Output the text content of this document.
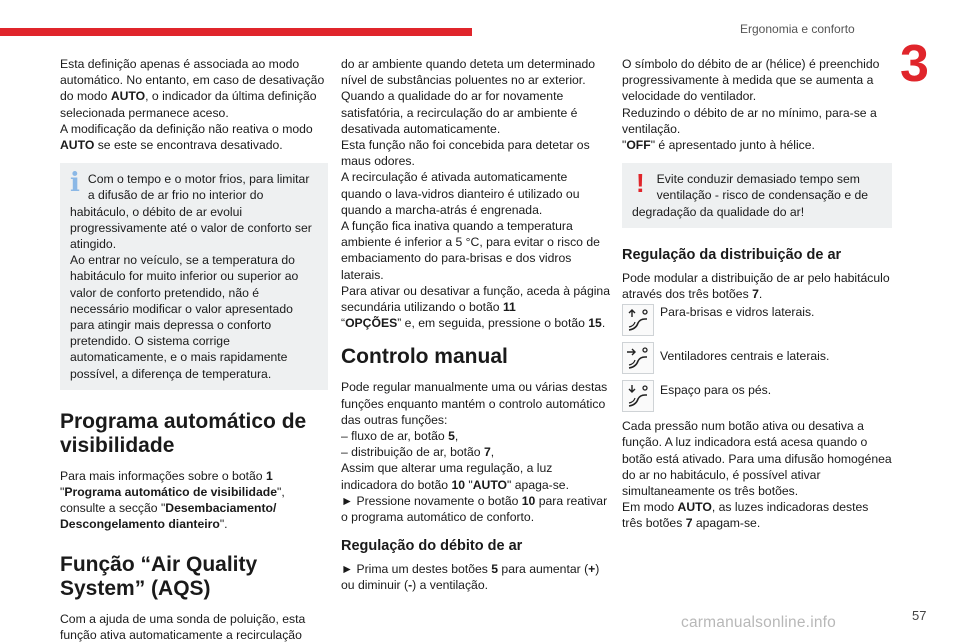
Ergonomia e conforto
3

Esta definição apenas é associada ao modo automático. No entanto, em caso de desativação do modo AUTO, o indicador da última definição selecionada permanece aceso.

A modificação da definição não reativa o modo AUTO se este se encontrava desativado.

i Com o tempo e o motor frios, para limitar a difusão de ar frio no interior do habitáculo, o débito de ar evolui progressivamente até o valor de conforto ser atingido.

Ao entrar no veículo, se a temperatura do habitáculo for muito inferior ou superior ao valor de conforto pretendido, não é necessário modificar o valor apresentado para atingir mais depressa o conforto pretendido. O sistema corrige automaticamente, e o mais rapidamente possível, a diferença de temperatura.

Programa automático de visibilidade

Para mais informações sobre o botão 1
"Programa automático de visibilidade", consulte a secção "Desembaciamento/ Descongelamento dianteiro".

Função “Air Quality System” (AQS)

Com a ajuda de uma sonda de poluição, esta função ativa automaticamente a recirculação

do ar ambiente quando deteta um determinado nível de substâncias poluentes no ar exterior.

Quando a qualidade do ar for novamente satisfatória, a recirculação do ar ambiente é desativada automaticamente.

Esta função não foi concebida para detetar os maus odores.

A recirculação é ativada automaticamente quando o lava-vidros dianteiro é utilizado ou quando a marcha-atrás é engrenada.

A função fica inativa quando a temperatura ambiente é inferior a 5 °C, para evitar o risco de embaciamento do para-brisas e dos vidros laterais.

Para ativar ou desativar a função, aceda à página secundária utilizando o botão 11
“OPÇÕES” e, em seguida, pressione o botão 15.

Controlo manual

Pode regular manualmente uma ou várias destas funções enquanto mantém o controlo automático das outras funções:

– fluxo de ar, botão 5,

– distribuição de ar, botão 7,

Assim que alterar uma regulação, a luz indicadora do botão 10 "AUTO" apaga-se.

► Pressione novamente o botão 10 para reativar o programa automático de conforto.

Regulação do débito de ar

► Prima um destes botões 5 para aumentar (+) ou diminuir (-) a ventilação.

O símbolo do débito de ar (hélice) é preenchido progressivamente à medida que se aumenta a velocidade do ventilador.

Reduzindo o débito de ar no mínimo, para-se a ventilação.

"OFF" é apresentado junto à hélice.

! Evite conduzir demasiado tempo sem ventilação - risco de condensação e de degradação da qualidade do ar!

Regulação da distribuição de ar

Pode modular a distribuição de ar pelo habitáculo através dos três botões 7.

Para-brisas e vidros laterais.
Ventiladores centrais e laterais.
Espaço para os pés.

Cada pressão num botão ativa ou desativa a função. A luz indicadora está acesa quando o botão está ativado. Para uma difusão homogénea do ar no habitáculo, é possível ativar simultaneamente os três botões.

Em modo AUTO, as luzes indicadoras destes três botões 7 apagam-se.

carmanualsonline.info	57
